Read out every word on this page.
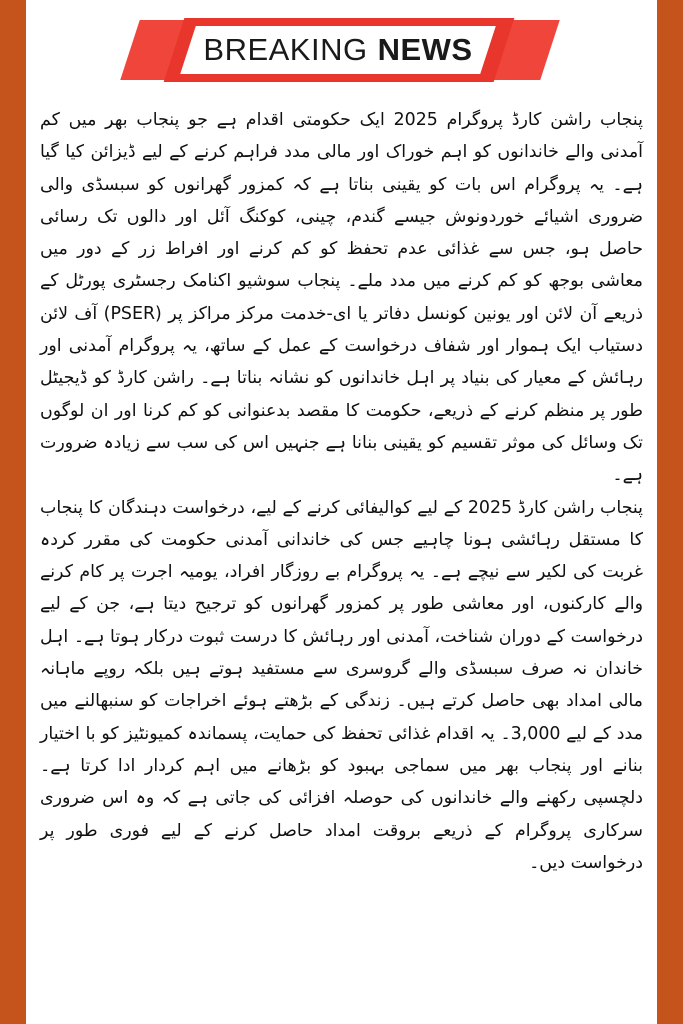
BREAKING NEWS

پنجاب راشن کارڈ پروگرام 2025 ایک حکومتی اقدام ہے جو پنجاب بھر میں کم آمدنی والے خاندانوں کو اہم خوراک اور مالی مدد فراہم کرنے کے لیے ڈیزائن کیا گیا ہے۔ یہ پروگرام اس بات کو یقینی بناتا ہے کہ کمزور گھرانوں کو سبسڈی والی ضروری اشیائے خوردونوش جیسے گندم، چینی، کوکنگ آئل اور دالوں تک رسائی حاصل ہو، جس سے غذائی عدم تحفظ کو کم کرنے اور افراط زر کے دور میں معاشی بوجھ کو کم کرنے میں مدد ملے۔ پنجاب سوشیو اکنامک رجسٹری پورٹل کے ذریعے آن لائن اور یونین کونسل دفاتر یا ای-خدمت مرکز مراکز پر (PSER) آف لائن دستیاب ایک ہموار اور شفاف درخواست کے عمل کے ساتھ، یہ پروگرام آمدنی اور رہائش کے معیار کی بنیاد پر اہل خاندانوں کو نشانہ بناتا ہے۔ راشن کارڈ کو ڈیجیٹل طور پر منظم کرنے کے ذریعے، حکومت کا مقصد بدعنوانی کو کم کرنا اور ان لوگوں تک وسائل کی موثر تقسیم کو یقینی بنانا ہے جنہیں اس کی سب سے زیادہ ضرورت ہے۔

پنجاب راشن کارڈ 2025 کے لیے کوالیفائی کرنے کے لیے، درخواست دہندگان کا پنجاب کا مستقل رہائشی ہونا چاہیے جس کی خاندانی آمدنی حکومت کی مقرر کردہ غربت کی لکیر سے نیچے ہے۔ یہ پروگرام بے روزگار افراد، یومیہ اجرت پر کام کرنے والے کارکنوں، اور معاشی طور پر کمزور گھرانوں کو ترجیح دیتا ہے، جن کے لیے درخواست کے دوران شناخت، آمدنی اور رہائش کا درست ثبوت درکار ہوتا ہے۔ اہل خاندان نہ صرف سبسڈی والے گروسری سے مستفید ہوتے ہیں بلکہ روپے ماہانہ مالی امداد بھی حاصل کرتے ہیں۔ زندگی کے بڑھتے ہوئے اخراجات کو سنبھالنے میں مدد کے لیے 3,000۔ یہ اقدام غذائی تحفظ کی حمایت، پسماندہ کمیونٹیز کو با اختیار بنانے اور پنجاب بھر میں سماجی بہبود کو بڑھانے میں اہم کردار ادا کرتا ہے۔ دلچسپی رکھنے والے خاندانوں کی حوصلہ افزائی کی جاتی ہے کہ وہ اس ضروری سرکاری پروگرام کے ذریعے بروقت امداد حاصل کرنے کے لیے فوری طور پر درخواست دیں۔
